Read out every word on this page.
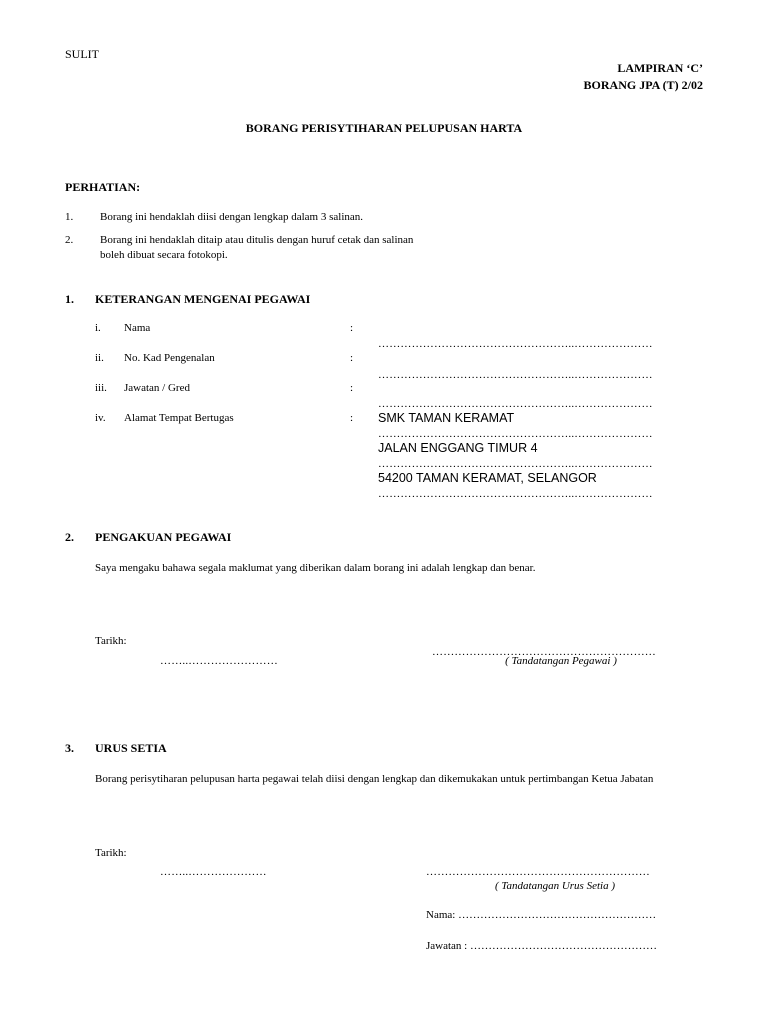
SULIT
LAMPIRAN ‘C’
BORANG JPA (T) 2/02
BORANG PERISYTIHARAN PELUPUSAN HARTA
PERHATIAN:
1. Borang ini hendaklah diisi dengan lengkap dalam 3 salinan.
2. Borang ini hendaklah ditaip atau ditulis dengan huruf cetak dan salinan
boleh dibuat secara fotokopi.
1. KETERANGAN MENGENAI PEGAWAI
i. Nama	:
……………………………………………..…………………
ii. No. Kad Pengenalan	:
……………………………………………..…………………
iii. Jawatan / Gred	:
……………………………………………..…………………
iv. Alamat Tempat Bertugas	: SMK TAMAN KERAMAT
……………………………………………..…………………
JALAN ENGGANG TIMUR 4
……………………………………………..…………………
54200 TAMAN KERAMAT, SELANGOR
……………………………………………..…………………
2. PENGAKUAN PEGAWAI
Saya mengaku bahawa segala maklumat yang diberikan dalam borang ini adalah lengkap dan benar.
Tarikh:
……..……………………
……………………………………………………
( Tandatangan Pegawai )
3. URUS SETIA
Borang perisytiharan pelupusan harta pegawai telah diisi dengan lengkap dan dikemukakan untuk pertimbangan Ketua Jabatan
Tarikh:
……..…………………	……………………………………………………
( Tandatangan Urus Setia )
Nama: ………………………………………………
Jawatan : ……………………………………………
